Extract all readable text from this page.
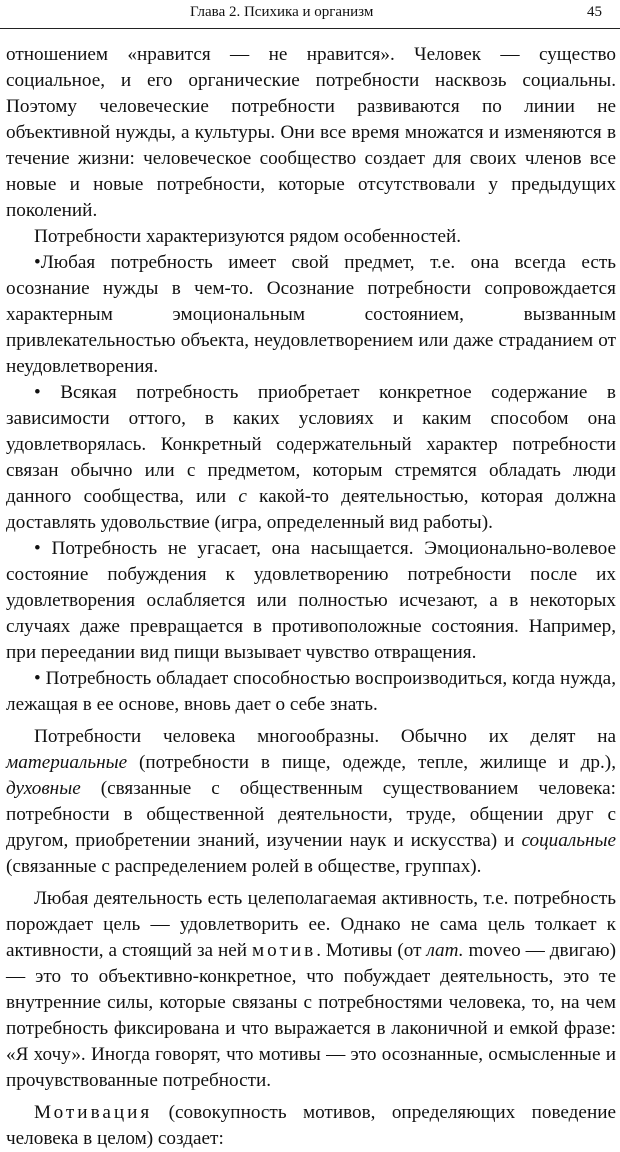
Глава 2. Психика и организм	45

отношением «нравится — не нравится». Человек — существо социальное, и его органические потребности насквозь социальны. Поэтому человеческие потребности развиваются по линии не объективной нужды, а культуры. Они все время множатся и изменяются в течение жизни: человеческое сообщество создает для своих членов все новые и новые потребности, которые отсутствовали у предыдущих поколений.

Потребности характеризуются рядом особенностей.

•Любая потребность имеет свой предмет, т.е. она всегда есть осознание нужды в чем-то. Осознание потребности сопровождается характерным эмоциональным состоянием, вызванным привлекательностью объекта, неудовлетворением или даже страданием от неудовлетворения.

• Всякая потребность приобретает конкретное содержание в зависимости оттого, в каких условиях и каким способом она удовлетворялась. Конкретный содержательный характер потребности связан обычно или с предметом, которым стремятся обладать люди данного сообщества, или с какой-то деятельностью, которая должна доставлять удовольствие (игра, определенный вид работы).

• Потребность не угасает, она насыщается. Эмоционально-волевое состояние побуждения к удовлетворению потребности после их удовлетворения ослабляется или полностью исчезают, а в некоторых случаях даже превращается в противоположные состояния. Например, при переедании вид пищи вызывает чувство отвращения.

• Потребность обладает способностью воспроизводиться, когда нужда, лежащая в ее основе, вновь дает о себе знать.

Потребности человека многообразны. Обычно их делят на материальные (потребности в пище, одежде, тепле, жилище и др.), духовные (связанные с общественным существованием человека: потребности в общественной деятельности, труде, общении друг с другом, приобретении знаний, изучении наук и искусства) и социальные (связанные с распределением ролей в обществе, группах).

Любая деятельность есть целеполагаемая активность, т.е. потребность порождает цель — удовлетворить ее. Однако не сама цель толкает к активности, а стоящий за ней мотив. Мотивы (от лат. moveo — двигаю) — это то объективно-конкретное, что побуждает деятельность, это те внутренние силы, которые связаны с потребностями человека, то, на чем потребность фиксирована и что выражается в лаконичной и емкой фразе: «Я хочу». Иногда говорят, что мотивы — это осознанные, осмысленные и прочувствованные потребности.

Мотивация (совокупность мотивов, определяющих поведение человека в целом) создает:
